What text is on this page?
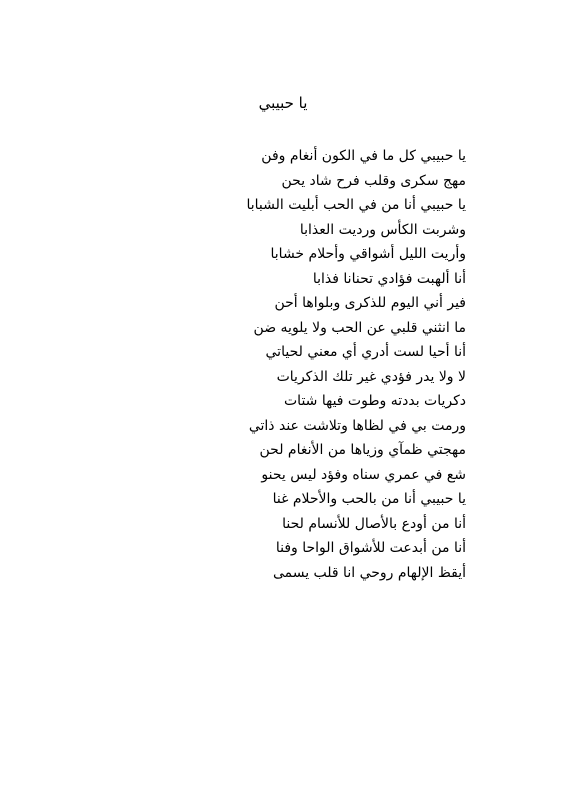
يا حبيبي
يا حبيبي كل ما في الكون أنغام وفن
مهج سكرى وقلب فرح شاد يحن
يا حبيبي أنا من في الحب أبليت الشبابا
وشربت الكأس ورديت العذابا
وأريت الليل أشواقي وأحلام خشابا
أنا ألهبت فؤادي تحنانا فذابا
فير أني اليوم للذكرى وبلواها أحن
ما انثني قلبي عن الحب ولا يلويه ضن
أنا أحيا لست أدري أي معني لحياتي
لا ولا يدر فؤدي غير تلك الذكريات
دكريات بددته وطوت فيها شتات
ورمت بي في لظاها وتلاشت عند ذاتي
مهجتي ظمآي وزياها من الأنغام لحن
شع في عمري سناه وفؤد ليس يحنو
يا حبيبي أنا من بالحب والأحلام غنا
أنا من أودع بالأصال للأنسام لحنا
أنا من أبدعت للأشواق الواحا وفنا
أيقظ الإلهام روحي انا قلب يسمى
